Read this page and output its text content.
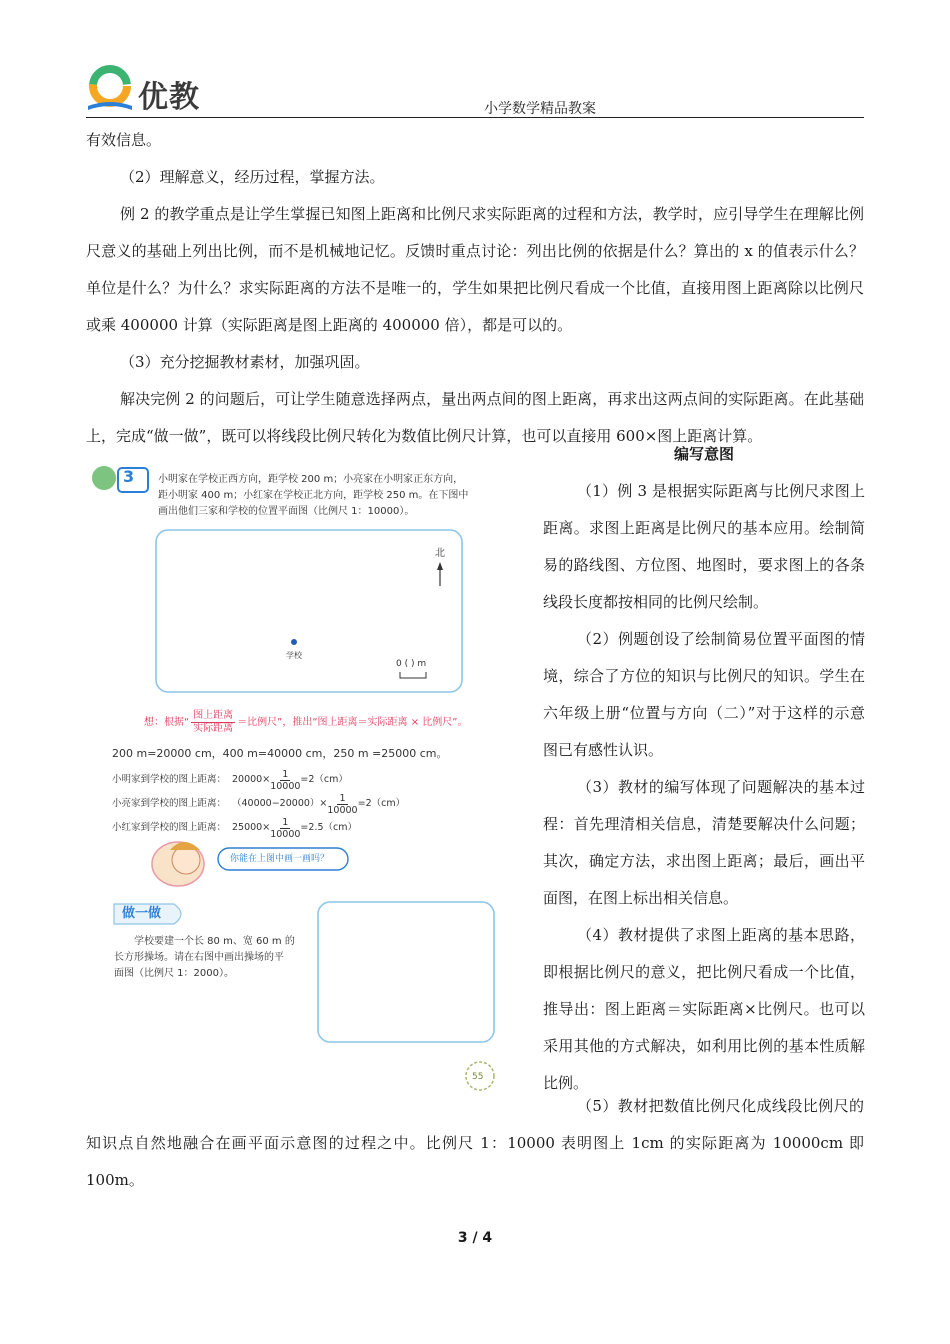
优教	小学数学精品教案

有效信息。

（2）理解意义，经历过程，掌握方法。

例 2 的教学重点是让学生掌握已知图上距离和比例尺求实际距离的过程和方法，教学时，应引导学生在理解比例尺意义的基础上列出比例，而不是机械地记忆。反馈时重点讨论：列出比例的依据是什么？算出的 x 的值表示什么？单位是什么？为什么？求实际距离的方法不是唯一的，学生如果把比例尺看成一个比值，直接用图上距离除以比例尺或乘 400000 计算（实际距离是图上距离的 400000 倍），都是可以的。

（3）充分挖掘教材素材，加强巩固。

解决完例 2 的问题后，可让学生随意选择两点，量出两点间的图上距离，再求出这两点间的实际距离。在此基础上，完成“做一做”，既可以将线段比例尺转化为数值比例尺计算，也可以直接用 600×图上距离计算。

3 小明家在学校正西方向，距学校 200 m；小亮家在小明家正东方向，
距小明家 400 m；小红家在学校正北方向，距学校 250 m。在下图中
画出他们三家和学校的位置平面图（比例尺 1：10000）。
北
学校
0 ( ) m
想：根据“
图上距离
实际距离
＝比例尺”，推出“图上距离＝实际距离 × 比例尺”。
200 m=20000 cm，400 m=40000 cm，250 m =25000 cm。
小明家到学校的图上距离： $20000\times \frac{1}{10000} =2(cm)$
小亮家到学校的图上距离： $(40000-20000)\times \frac{1}{10000} =2(cm)$
小红家到学校的图上距离： $25000\times \frac{1}{10000} =2.5(cm)$
你能在上图中画一画吗？
做一做
学校要建一个长 80 m、宽 60 m 的
长方形操场。请在右图中画出操场的平
面图（比例尺 1：2000）。
55

编写意图

（1）例 3 是根据实际距离与比例尺求图上距离。求图上距离是比例尺的基本应用。绘制简易的路线图、方位图、地图时，要求图上的各条线段长度都按相同的比例尺绘制。

（2）例题创设了绘制简易位置平面图的情境，综合了方位的知识与比例尺的知识。学生在六年级上册“位置与方向（二）”对于这样的示意图已有感性认识。

（3）教材的编写体现了问题解决的基本过程：首先理清相关信息，清楚要解决什么问题；其次，确定方法，求出图上距离；最后，画出平面图，在图上标出相关信息。

（4）教材提供了求图上距离的基本思路，即根据比例尺的意义，把比例尺看成一个比值，推导出：图上距离＝实际距离×比例尺。也可以采用其他的方式解决，如利用比例的基本性质解比例。

（5）教材把数值比例尺化成线段比例尺的知识点自然地融合在画平面示意图的过程之中。比例尺 1：10000 表明图上 1cm 的实际距离为 10000cm 即 100m。

3 / 4
